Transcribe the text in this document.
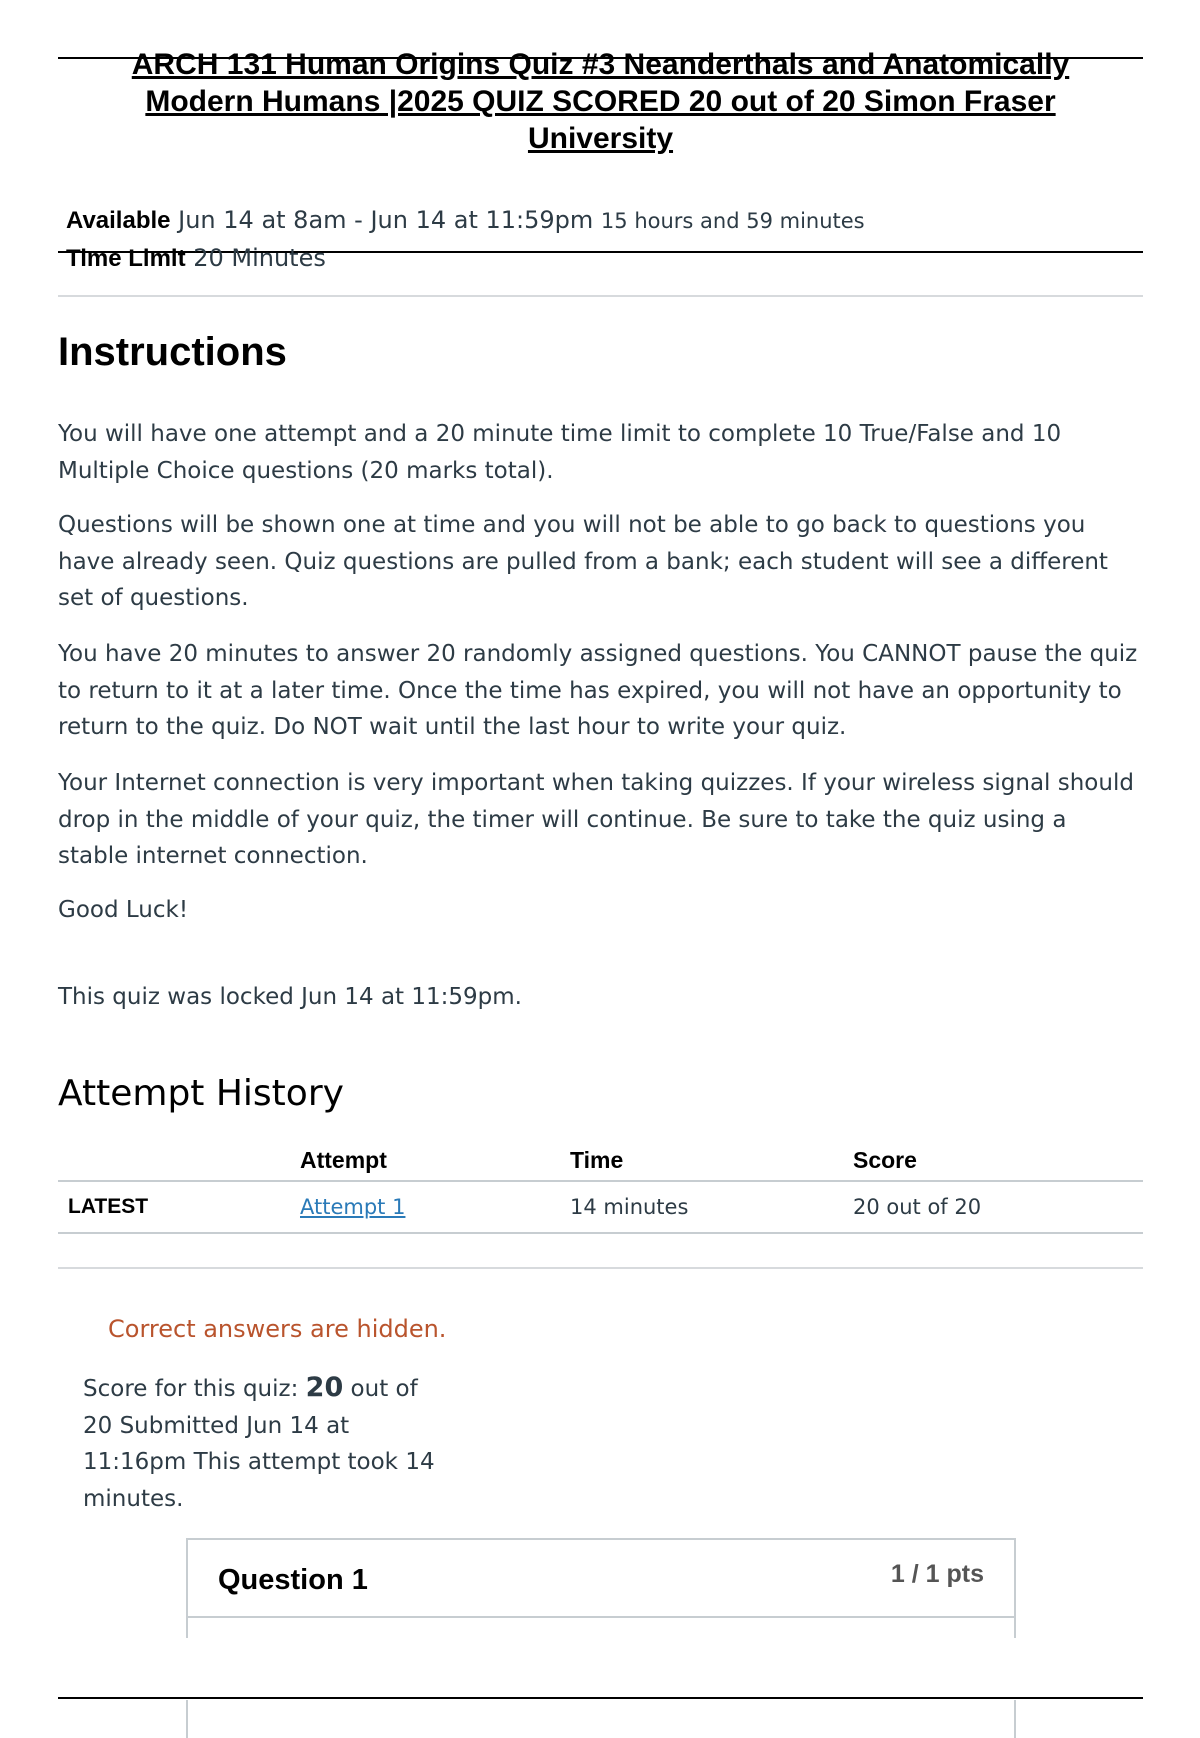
ARCH 131 Human Origins Quiz #3 Neanderthals and Anatomically
Modern Humans |2025 QUIZ SCORED 20 out of 20 Simon Fraser
University
Available Jun 14 at 8am - Jun 14 at 11:59pm 15 hours and 59 minutes
Time Limit 20 Minutes
Instructions

You will have one attempt and a 20 minute time limit to complete 10 True/False and 10 Multiple Choice questions (20 marks total).

Questions will be shown one at time and you will not be able to go back to questions you have already seen. Quiz questions are pulled from a bank; each student will see a different set of questions.

You have 20 minutes to answer 20 randomly assigned questions. You CANNOT pause the quiz to return to it at a later time. Once the time has expired, you will not have an opportunity to return to the quiz. Do NOT wait until the last hour to write your quiz.

Your Internet connection is very important when taking quizzes. If your wireless signal should drop in the middle of your quiz, the timer will continue. Be sure to take the quiz using a stable internet connection.

Good Luck!

This quiz was locked Jun 14 at 11:59pm.

Attempt History
	Attempt	Time	Score
LATEST	Attempt 1	14 minutes	20 out of 20
Correct answers are hidden.
Score for this quiz: 20 out of 20 Submitted Jun 14 at 11:16pm This attempt took 14 minutes.
Question 1	1 / 1 pts
